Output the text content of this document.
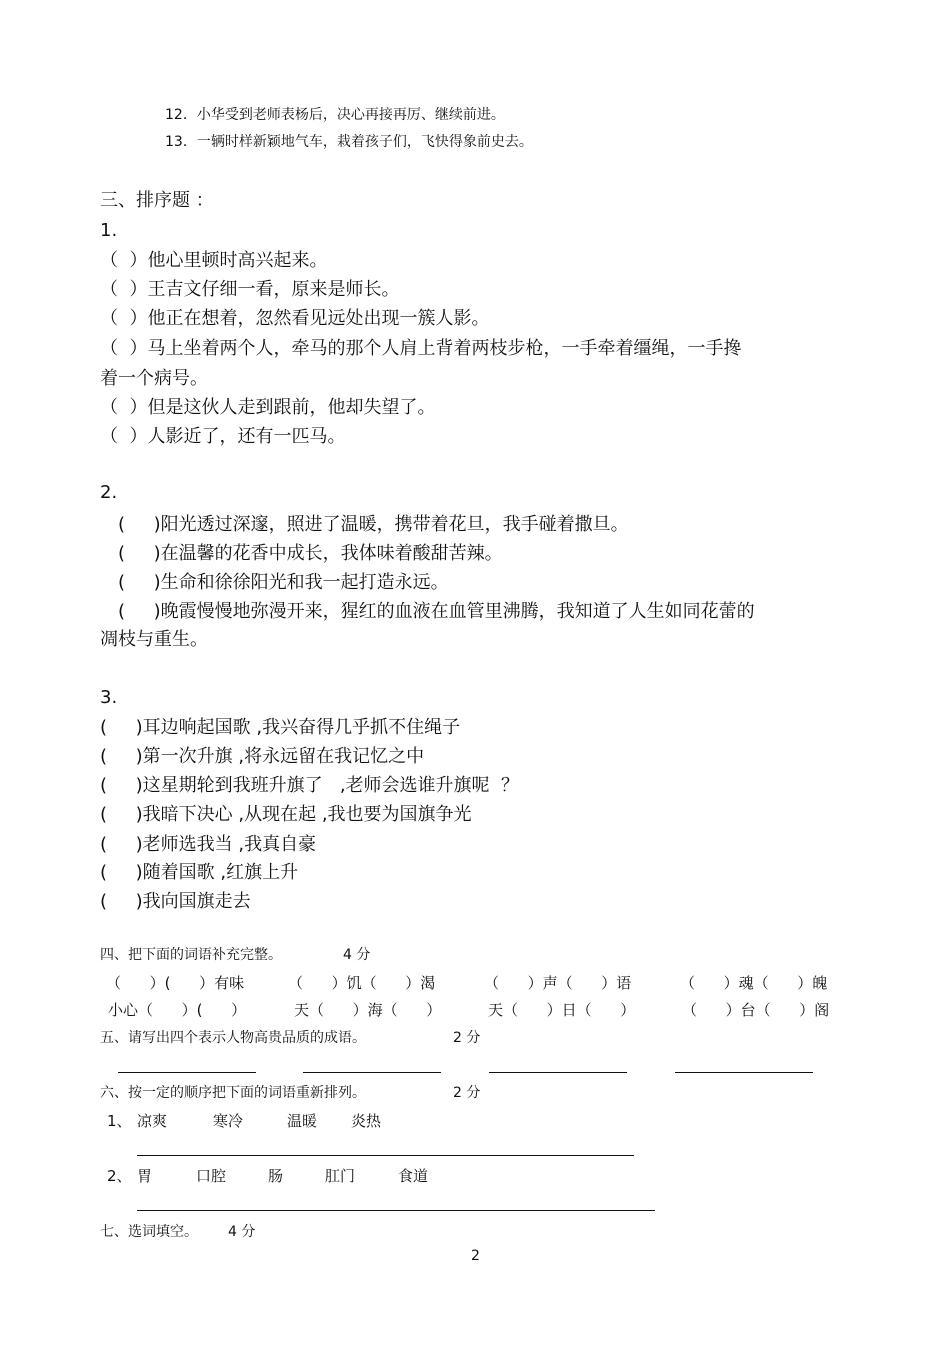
12．小华受到老师表杨后，决心再接再厉、继续前进。
13．一辆时样新颖地气车，栽着孩子们，飞快得象前史去。
三、排序题 ：
1.
（  ）他心里顿时高兴起来。
（  ）王吉文仔细一看，原来是师长。
（  ）他正在想着，忽然看见远处出现一簇人影。
（  ）马上坐着两个人，牵马的那个人肩上背着两枝步枪，一手牵着缰绳，一手搀
着一个病号。
（  ）但是这伙人走到跟前，他却失望了。
（  ）人影近了，还有一匹马。
2.
(     )阳光透过深邃，照进了温暖，携带着花旦，我手碰着撒旦。
(     )在温馨的花香中成长，我体味着酸甜苦辣。
(     )生命和徐徐阳光和我一起打造永远。
(     )晚霞慢慢地弥漫开来，猩红的血液在血管里沸腾，我知道了人生如同花蕾的
凋枝与重生。
3.
(     )耳边响起国歌 ,我兴奋得几乎抓不住绳子
(     )第一次升旗 ,将永远留在我记忆之中
(     )这星期轮到我班升旗了   ,老师会选谁升旗呢  ？
(     )我暗下决心 ,从现在起 ,我也要为国旗争光
(     )老师选我当 ,我真自豪
(     )随着国歌 ,红旗上升
(     )我向国旗走去
四、把下面的词语补充完整。	4 分
（      ）(      ）有味	（      ）饥（      ）渴	（      ）声（      ）语	（      ）魂（      ）魄
小心（      ）(      ）	天（      ）海（      ）	天（      ）日（      ）	（      ）台（      ）阁
五、请写出四个表示人物高贵品质的成语。	2 分
六、按一定的顺序把下面的词语重新排列。	2 分
1、 凉爽	寒冷	温暖 炎热
2、 胃	口腔	肠	肛门	食道
七、选词填空。 4 分
2
